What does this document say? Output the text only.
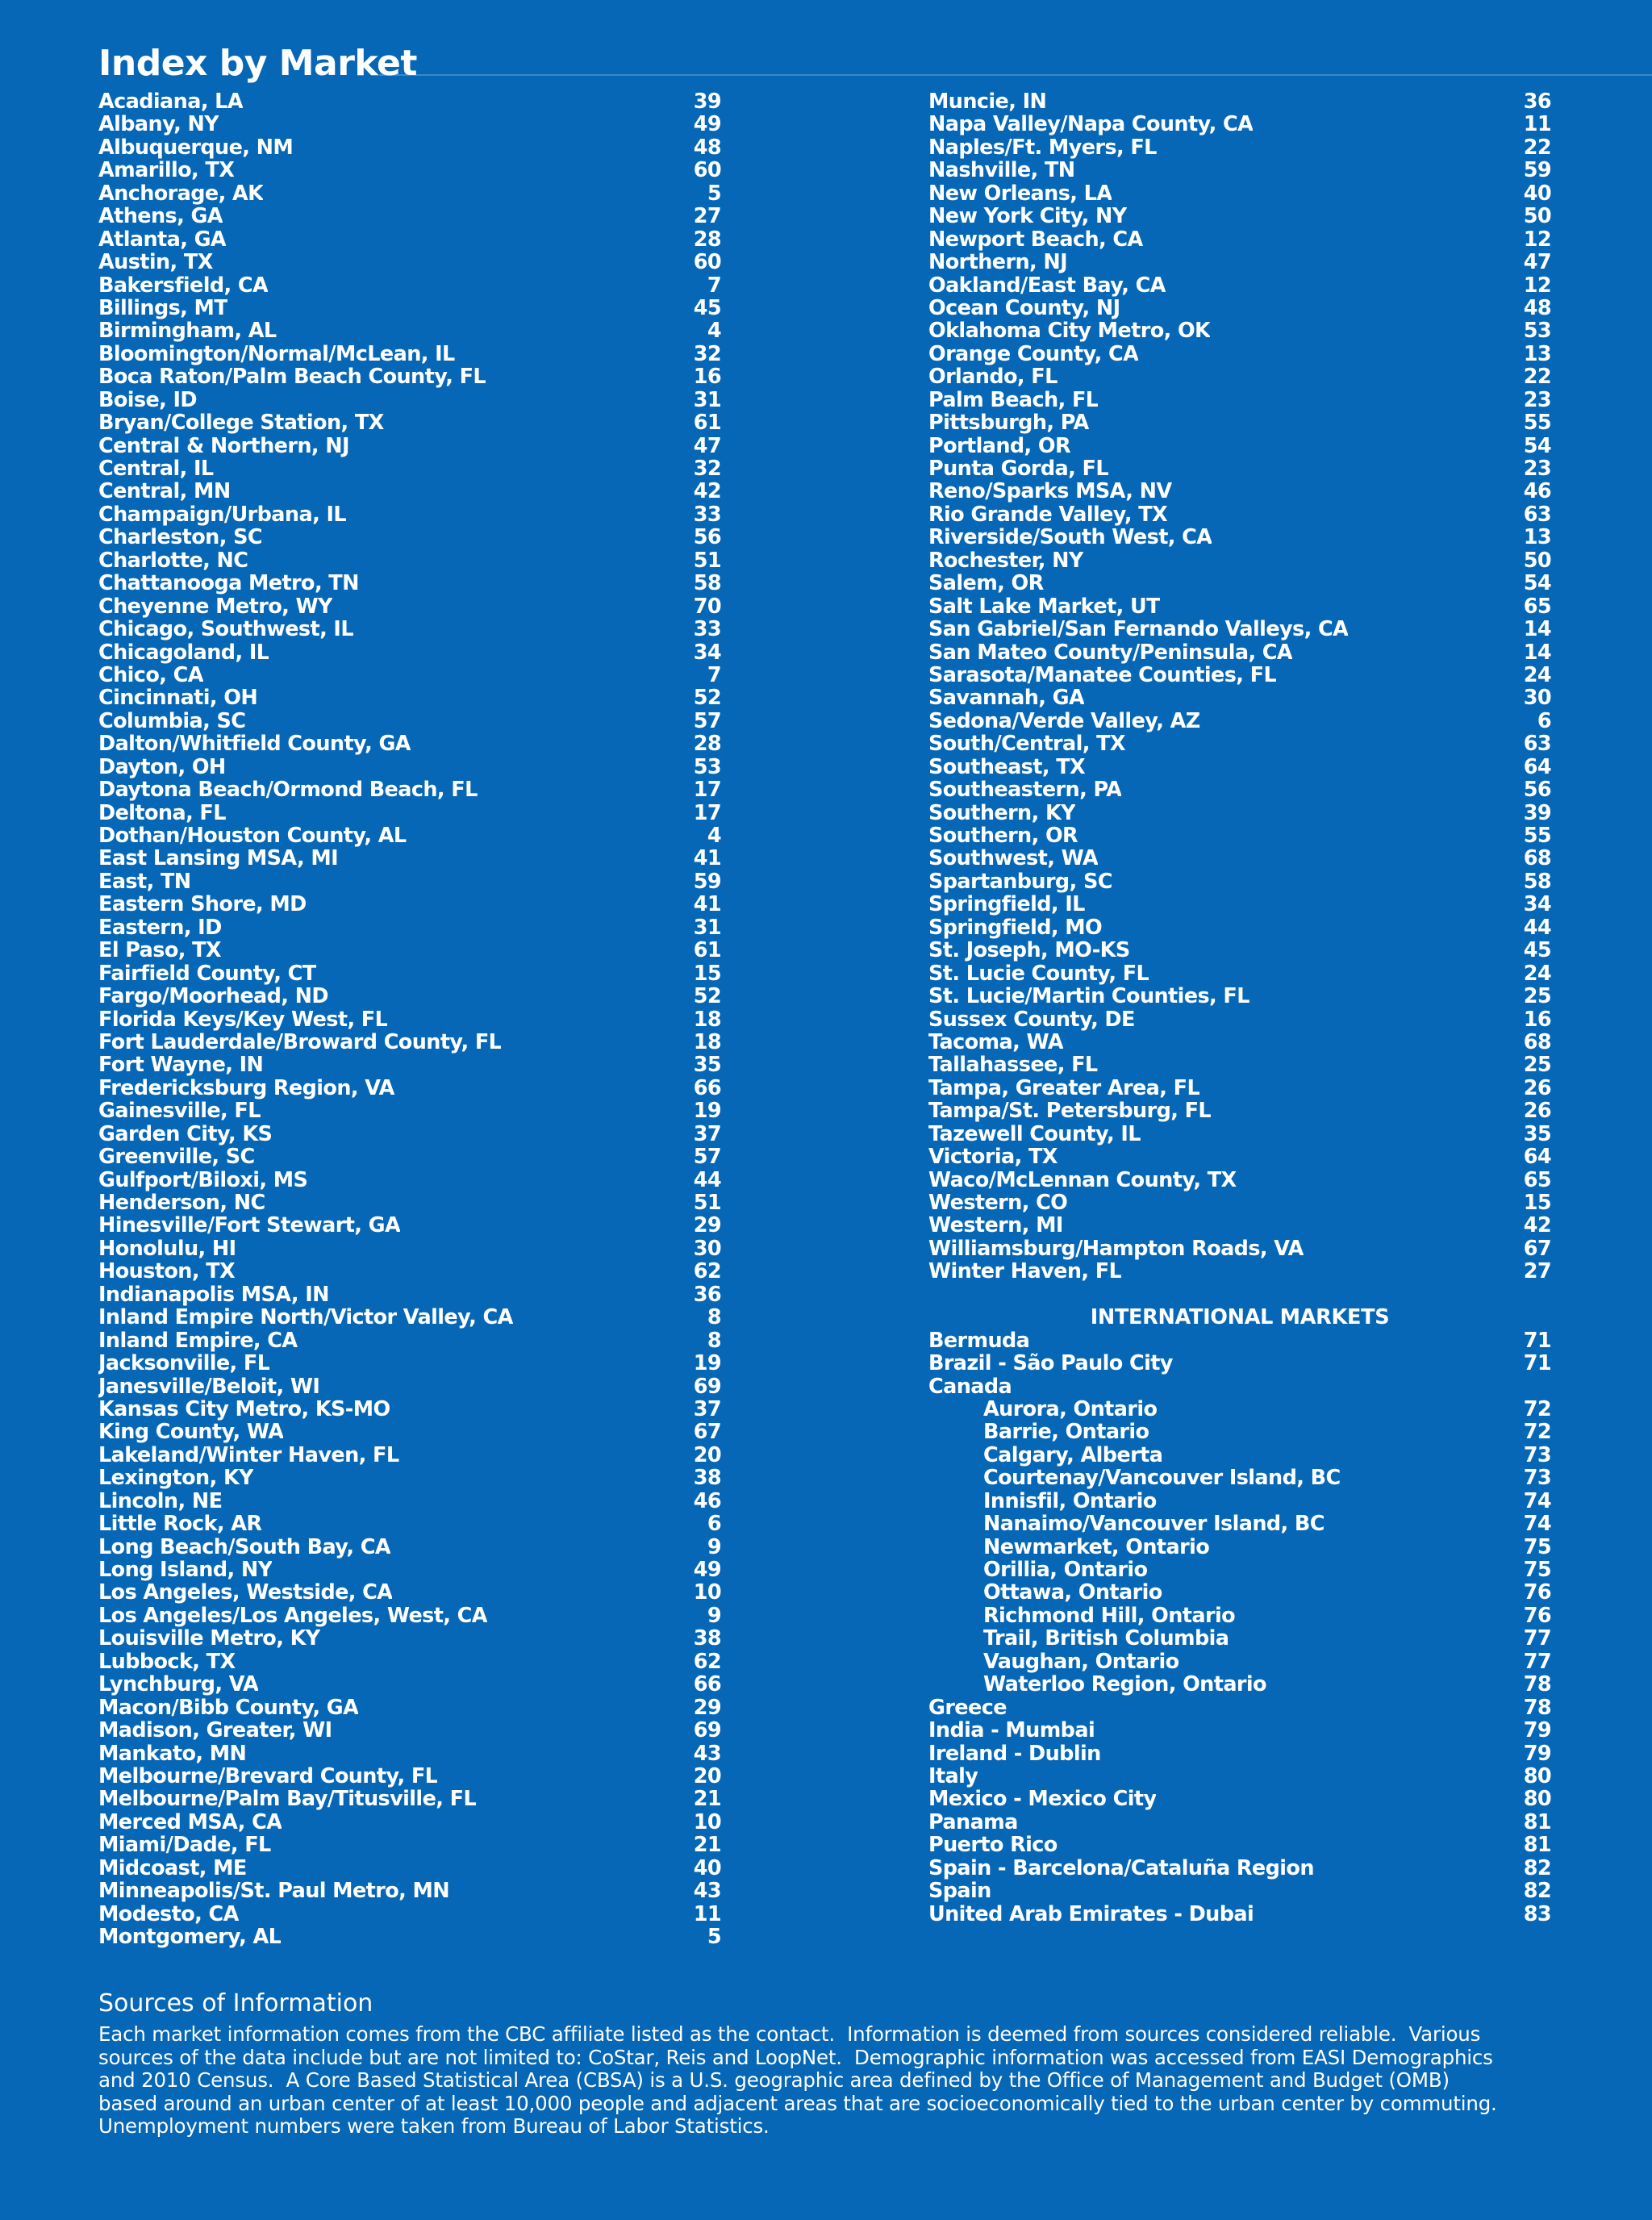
Index by Market
Acadiana, LA	39
Albany, NY	49
Albuquerque, NM	48
Amarillo, TX	60
Anchorage, AK	5
Athens, GA	27
Atlanta, GA	28
Austin, TX	60
Bakersfield, CA	7
Billings, MT	45
Birmingham, AL	4
Bloomington/Normal/McLean, IL	32
Boca Raton/Palm Beach County, FL	16
Boise, ID	31
Bryan/College Station, TX	61
Central & Northern, NJ	47
Central, IL	32
Central, MN	42
Champaign/Urbana, IL	33
Charleston, SC	56
Charlotte, NC	51
Chattanooga Metro, TN	58
Cheyenne Metro, WY	70
Chicago, Southwest, IL	33
Chicagoland, IL	34
Chico, CA	7
Cincinnati, OH	52
Columbia, SC	57
Dalton/Whitfield County, GA	28
Dayton, OH	53
Daytona Beach/Ormond Beach, FL	17
Deltona, FL	17
Dothan/Houston County, AL	4
East Lansing MSA, MI	41
East, TN	59
Eastern Shore, MD	41
Eastern, ID	31
El Paso, TX	61
Fairfield County, CT	15
Fargo/Moorhead, ND	52
Florida Keys/Key West, FL	18
Fort Lauderdale/Broward County, FL	18
Fort Wayne, IN	35
Fredericksburg Region, VA	66
Gainesville, FL	19
Garden City, KS	37
Greenville, SC	57
Gulfport/Biloxi, MS	44
Henderson, NC	51
Hinesville/Fort Stewart, GA	29
Honolulu, HI	30
Houston, TX	62
Indianapolis MSA, IN	36
Inland Empire North/Victor Valley, CA	8
Inland Empire, CA	8
Jacksonville, FL	19
Janesville/Beloit, WI	69
Kansas City Metro, KS-MO	37
King County, WA	67
Lakeland/Winter Haven, FL	20
Lexington, KY	38
Lincoln, NE	46
Little Rock, AR	6
Long Beach/South Bay, CA	9
Long Island, NY	49
Los Angeles, Westside, CA	10
Los Angeles/Los Angeles, West, CA	9
Louisville Metro, KY	38
Lubbock, TX	62
Lynchburg, VA	66
Macon/Bibb County, GA	29
Madison, Greater, WI	69
Mankato, MN	43
Melbourne/Brevard County, FL	20
Melbourne/Palm Bay/Titusville, FL	21
Merced MSA, CA	10
Miami/Dade, FL	21
Midcoast, ME	40
Minneapolis/St. Paul Metro, MN	43
Modesto, CA	11
Montgomery, AL	5
Muncie, IN	36
Napa Valley/Napa County, CA	11
Naples/Ft. Myers, FL	22
Nashville, TN	59
New Orleans, LA	40
New York City, NY	50
Newport Beach, CA	12
Northern, NJ	47
Oakland/East Bay, CA	12
Ocean County, NJ	48
Oklahoma City Metro, OK	53
Orange County, CA	13
Orlando, FL	22
Palm Beach, FL	23
Pittsburgh, PA	55
Portland, OR	54
Punta Gorda, FL	23
Reno/Sparks MSA, NV	46
Rio Grande Valley, TX	63
Riverside/South West, CA	13
Rochester, NY	50
Salem, OR	54
Salt Lake Market, UT	65
San Gabriel/San Fernando Valleys, CA	14
San Mateo County/Peninsula, CA	14
Sarasota/Manatee Counties, FL	24
Savannah, GA	30
Sedona/Verde Valley, AZ	6
South/Central, TX	63
Southeast, TX	64
Southeastern, PA	56
Southern, KY	39
Southern, OR	55
Southwest, WA	68
Spartanburg, SC	58
Springfield, IL	34
Springfield, MO	44
St. Joseph, MO-KS	45
St. Lucie County, FL	24
St. Lucie/Martin Counties, FL	25
Sussex County, DE	16
Tacoma, WA	68
Tallahassee, FL	25
Tampa, Greater Area, FL	26
Tampa/St. Petersburg, FL	26
Tazewell County, IL	35
Victoria, TX	64
Waco/McLennan County, TX	65
Western, CO	15
Western, MI	42
Williamsburg/Hampton Roads, VA	67
Winter Haven, FL	27
INTERNATIONAL MARKETS
Bermuda	71
Brazil - São Paulo City	71
Canada
Aurora, Ontario	72
Barrie, Ontario	72
Calgary, Alberta	73
Courtenay/Vancouver Island, BC	73
Innisfil, Ontario	74
Nanaimo/Vancouver Island, BC	74
Newmarket, Ontario	75
Orillia, Ontario	75
Ottawa, Ontario	76
Richmond Hill, Ontario	76
Trail, British Columbia	77
Vaughan, Ontario	77
Waterloo Region, Ontario	78
Greece	78
India - Mumbai	79
Ireland - Dublin	79
Italy	80
Mexico - Mexico City	80
Panama	81
Puerto Rico	81
Spain - Barcelona/Cataluña Region	82
Spain	82
United Arab Emirates - Dubai	83
Sources of Information

Each market information comes from the CBC affiliate listed as the contact.  Information is deemed from sources considered reliable.  Various
sources of the data include but are not limited to: CoStar, Reis and LoopNet.  Demographic information was accessed from EASI Demographics
and 2010 Census.  A Core Based Statistical Area (CBSA) is a U.S. geographic area defined by the Office of Management and Budget (OMB)
based around an urban center of at least 10,000 people and adjacent areas that are socioeconomically tied to the urban center by commuting.
Unemployment numbers were taken from Bureau of Labor Statistics.
